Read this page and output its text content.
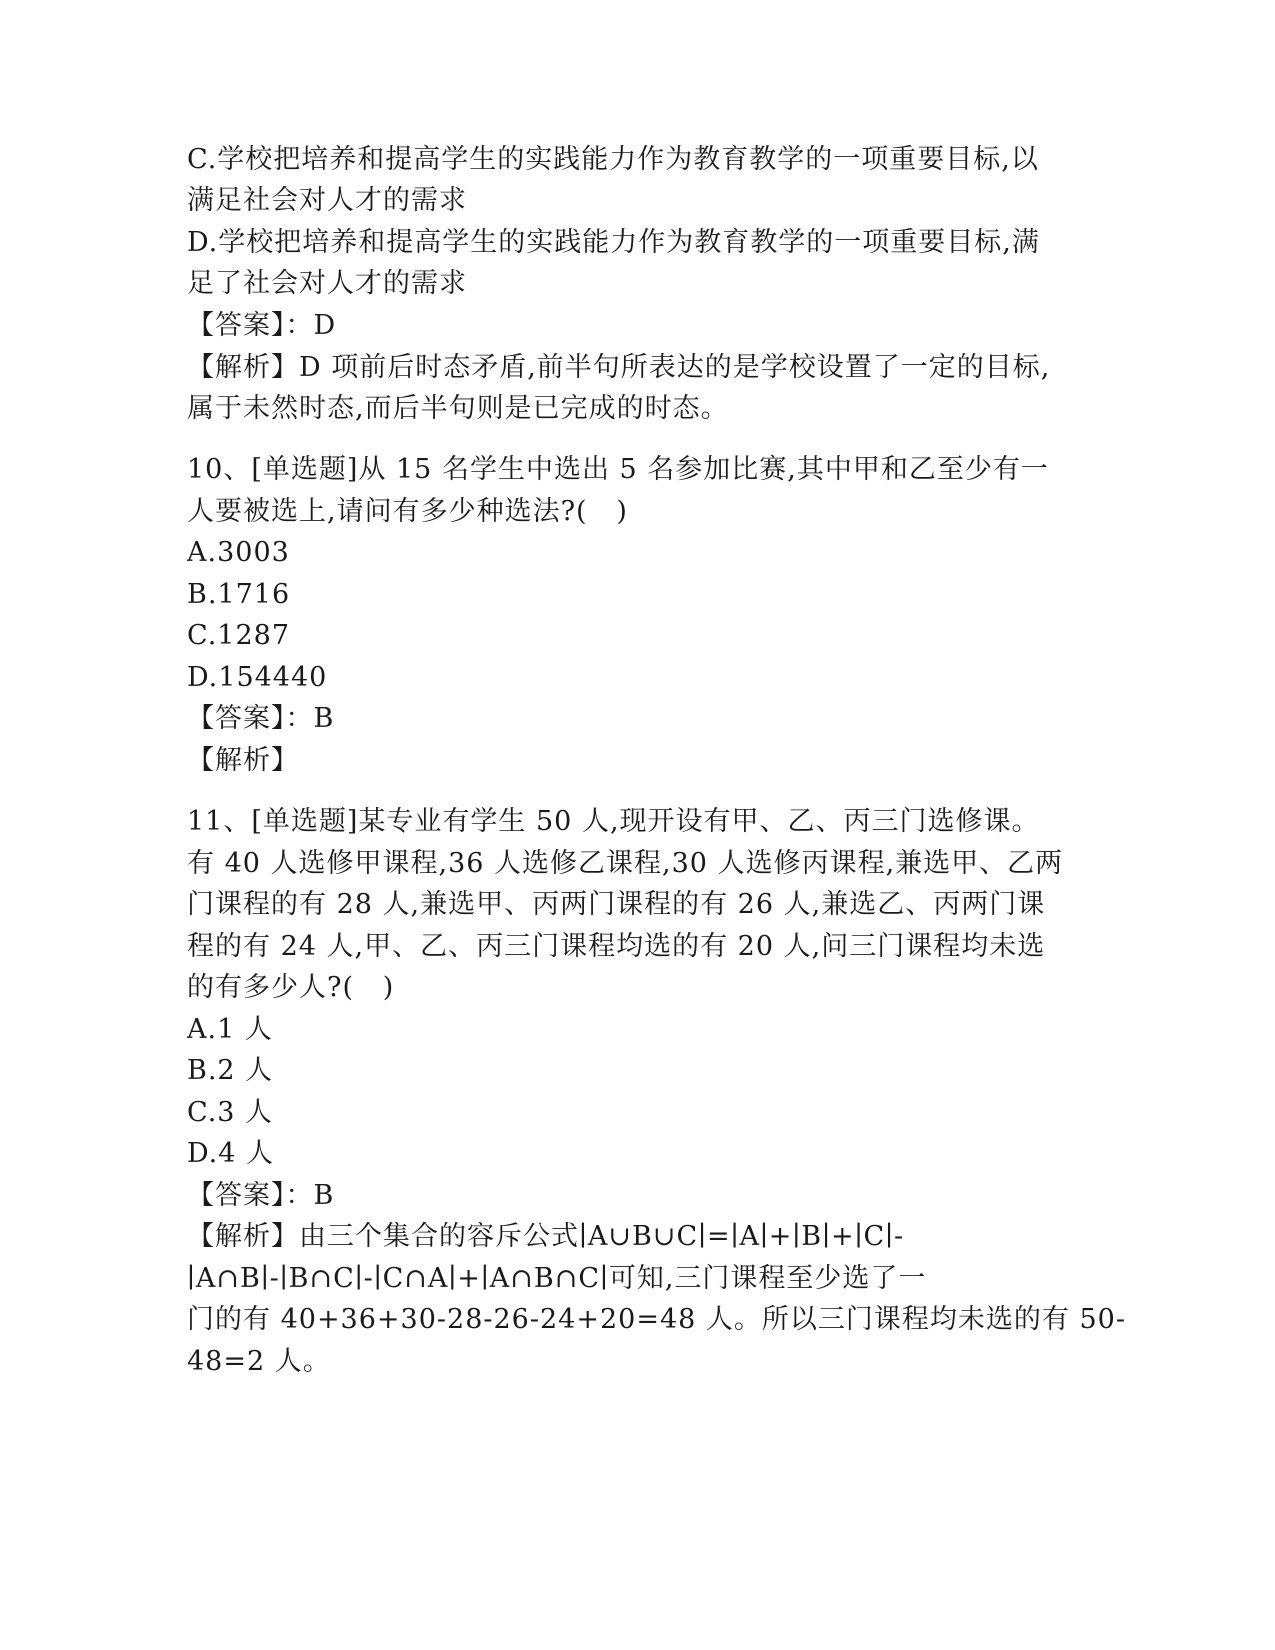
C.学校把培养和提高学生的实践能力作为教育教学的一项重要目标,以
满足社会对人才的需求
D.学校把培养和提高学生的实践能力作为教育教学的一项重要目标,满
足了社会对人才的需求
【答案】：D
【解析】D 项前后时态矛盾,前半句所表达的是学校设置了一定的目标,
属于未然时态,而后半句则是已完成的时态。
10、[单选题]从 15 名学生中选出 5 名参加比赛,其中甲和乙至少有一
人要被选上,请问有多少种选法?(   )
A.3003
B.1716
C.1287
D.154440
【答案】：B
【解析】
11、[单选题]某专业有学生 50 人,现开设有甲、乙、丙三门选修课。
有 40 人选修甲课程,36 人选修乙课程,30 人选修丙课程,兼选甲、乙两
门课程的有 28 人,兼选甲、丙两门课程的有 26 人,兼选乙、丙两门课
程的有 24 人,甲、乙、丙三门课程均选的有 20 人,问三门课程均未选
的有多少人?(   )
A.1 人
B.2 人
C.3 人
D.4 人
【答案】：B
【解析】由三个集合的容斥公式∣A∪B∪C∣=∣A∣+∣B∣+∣C∣-
∣A∩B∣-∣B∩C∣-∣C∩A∣+∣A∩B∩C∣可知,三门课程至少选了一
门的有 40+36+30-28-26-24+20=48 人。所以三门课程均未选的有 50-
48=2 人。
